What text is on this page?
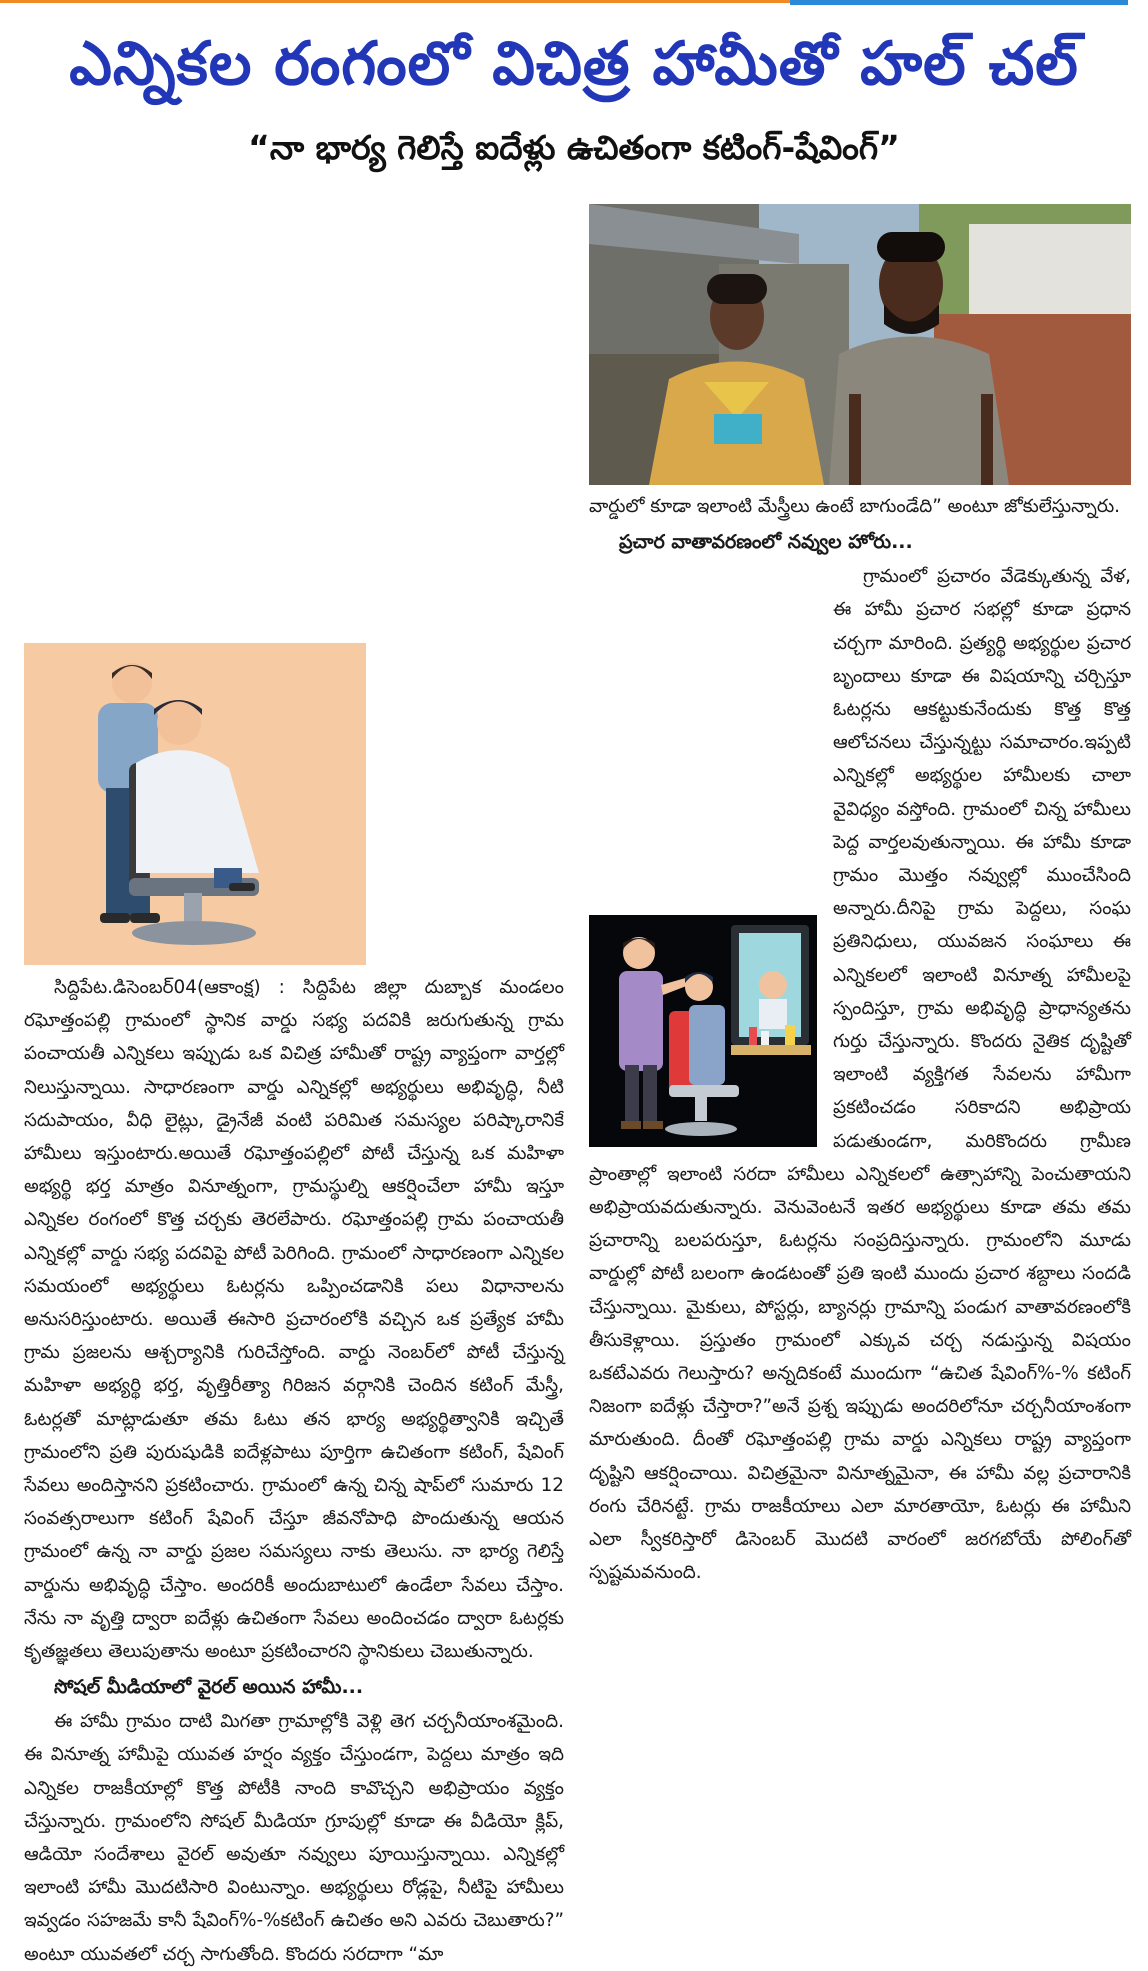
ఎన్నికల రంగంలో విచిత్ర హామీతో హల్ చల్
“నా భార్య గెలిస్తే ఐదేళ్లు ఉచితంగా కటింగ్-షేవింగ్”

సిద్దిపేట.డిసెంబర్04(ఆకాంక్ష) : సిద్దిపేట జిల్లా దుబ్బాక మండలం రఘోత్తంపల్లి గ్రామంలో స్థానిక వార్డు సభ్య పదవికి జరుగుతున్న గ్రామ పంచాయతీ ఎన్నికలు ఇప్పుడు ఒక విచిత్ర హామీతో రాష్ట్ర వ్యాప్తంగా వార్తల్లో నిలుస్తున్నాయి. సాధారణంగా వార్డు ఎన్నికల్లో అభ్యర్థులు అభివృద్ధి, నీటి సదుపాయం, వీధి లైట్లు, డ్రైనేజీ వంటి పరిమిత సమస్యల పరిష్కారానికే హామీలు ఇస్తుంటారు.అయితే రఘోత్తంపల్లిలో పోటీ చేస్తున్న ఒక మహిళా అభ్యర్థి భర్త మాత్రం వినూత్నంగా, గ్రామస్థుల్ని ఆకర్షించేలా హామీ ఇస్తూ ఎన్నికల రంగంలో కొత్త చర్చకు తెరలేపారు. రఘోత్తంపల్లి గ్రామ పంచాయతీ ఎన్నికల్లో వార్డు సభ్య పదవిపై పోటీ పెరిగింది. గ్రామంలో సాధారణంగా ఎన్నికల సమయంలో అభ్యర్థులు ఓటర్లను ఒప్పించడానికి పలు విధానాలను అనుసరిస్తుంటారు. అయితే ఈసారి ప్రచారంలోకి వచ్చిన ఒక ప్రత్యేక హామీ గ్రామ ప్రజలను ఆశ్చర్యానికి గురిచేస్తోంది. వార్డు నెంబర్‌లో పోటీ చేస్తున్న మహిళా అభ్యర్థి భర్త, వృత్తిరీత్యా గిరిజన వర్గానికి చెందిన కటింగ్ మేస్త్రీ, ఓటర్లతో మాట్లాడుతూ తమ ఓటు తన భార్య అభ్యర్థిత్వానికి ఇచ్చితే గ్రామంలోని ప్రతి పురుషుడికి ఐదేళ్లపాటు పూర్తిగా ఉచితంగా కటింగ్, షేవింగ్ సేవలు అందిస్తానని ప్రకటించారు. గ్రామంలో ఉన్న చిన్న షాప్‌లో సుమారు 12 సంవత్సరాలుగా కటింగ్ షేవింగ్ చేస్తూ జీవనోపాధి పొందుతున్న ఆయన గ్రామంలో ఉన్న నా వార్డు ప్రజల సమస్యలు నాకు తెలుసు. నా భార్య గెలిస్తే వార్డును అభివృద్ధి చేస్తాం. అందరికీ అందుబాటులో ఉండేలా సేవలు చేస్తాం. నేను నా వృత్తి ద్వారా ఐదేళ్లు ఉచితంగా సేవలు అందించడం ద్వారా ఓటర్లకు కృతజ్ఞతలు తెలుపుతాను అంటూ ప్రకటించారని స్థానికులు చెబుతున్నారు.

సోషల్ మీడియాలో వైరల్ అయిన హామీ...

ఈ హామీ గ్రామం దాటి మిగతా గ్రామాల్లోకి వెళ్లి తెగ చర్చనీయాంశమైంది. ఈ వినూత్న హామీపై యువత హర్షం వ్యక్తం చేస్తుండగా, పెద్దలు మాత్రం ఇది ఎన్నికల రాజకీయాల్లో కొత్త పోటీకి నాంది కావొచ్చని అభిప్రాయం వ్యక్తం చేస్తున్నారు. గ్రామంలోని సోషల్ మీడియా గ్రూపుల్లో కూడా ఈ వీడియో క్లిప్, ఆడియో సందేశాలు వైరల్ అవుతూ నవ్వులు పూయిస్తున్నాయి. ఎన్నికల్లో ఇలాంటి హామీ మొదటిసారి వింటున్నాం. అభ్యర్థులు రోడ్లపై, నీటిపై హామీలు ఇవ్వడం సహజమే కానీ షేవింగ్%-%కటింగ్ ఉచితం అని ఎవరు చెబుతారు?” అంటూ యువతలో చర్చ సాగుతోంది. కొందరు సరదాగా “మా

వార్డులో కూడా ఇలాంటి మేస్త్రీలు ఉంటే బాగుండేది” అంటూ జోకులేస్తున్నారు.

ప్రచార వాతావరణంలో నవ్వుల హోరు...

గ్రామంలో ప్రచారం వేడెక్కుతున్న వేళ, ఈ హామీ ప్రచార సభల్లో కూడా ప్రధాన చర్చగా మారింది. ప్రత్యర్థి అభ్యర్థుల ప్రచార బృందాలు కూడా ఈ విషయాన్ని చర్చిస్తూ ఓటర్లను ఆకట్టుకునేందుకు కొత్త కొత్త ఆలోచనలు చేస్తున్నట్టు సమాచారం.ఇప్పటి ఎన్నికల్లో అభ్యర్థుల హామీలకు చాలా వైవిధ్యం వస్తోంది. గ్రామంలో చిన్న హామీలు పెద్ద వార్తలవుతున్నాయి. ఈ హామీ కూడా గ్రామం మొత్తం నవ్వుల్లో ముంచేసింది అన్నారు.దీనిపై గ్రామ పెద్దలు, సంఘ ప్రతినిధులు, యువజన సంఘాలు ఈ ఎన్నికలలో ఇలాంటి వినూత్న హామీలపై స్పందిస్తూ, గ్రామ అభివృద్ధి ప్రాధాన్యతను గుర్తు చేస్తున్నారు. కొందరు నైతిక దృష్టితో ఇలాంటి వ్యక్తిగత సేవలను హామీగా ప్రకటించడం సరికాదని అభిప్రాయ పడుతుండగా, మరికొందరు గ్రామీణ ప్రాంతాల్లో ఇలాంటి సరదా హామీలు ఎన్నికలలో ఉత్సాహాన్ని పెంచుతాయని అభిప్రాయవదుతున్నారు. వెనువెంటనే ఇతర అభ్యర్థులు కూడా తమ తమ ప్రచారాన్ని బలపరుస్తూ, ఓటర్లను సంప్రదిస్తున్నారు. గ్రామంలోని మూడు వార్డుల్లో పోటీ బలంగా ఉండటంతో ప్రతి ఇంటి ముందు ప్రచార శబ్దాలు సందడి చేస్తున్నాయి. మైకులు, పోస్టర్లు, బ్యానర్లు గ్రామాన్ని పండుగ వాతావరణంలోకి తీసుకెళ్లాయి. ప్రస్తుతం గ్రామంలో ఎక్కువ చర్చ నడుస్తున్న విషయం ఒకటేఎవరు గెలుస్తారు? అన్నదికంటే ముందుగా “ఉచిత షేవింగ్%-% కటింగ్ నిజంగా ఐదేళ్లు చేస్తారా?”అనే ప్రశ్న ఇప్పుడు అందరిలోనూ చర్చనీయాంశంగా మారుతుంది. దీంతో రఘోత్తంపల్లి గ్రామ వార్డు ఎన్నికలు రాష్ట్ర వ్యాప్తంగా దృష్టిని ఆకర్షించాయి. విచిత్రమైనా వినూత్నమైనా, ఈ హామీ వల్ల ప్రచారానికి రంగు చేరినట్టే. గ్రామ రాజకీయాలు ఎలా మారతాయో, ఓటర్లు ఈ హామీని ఎలా స్వీకరిస్తారో డిసెంబర్ మొదటి వారంలో జరగబోయే పోలింగ్‌తో స్పష్టమవనుంది.
